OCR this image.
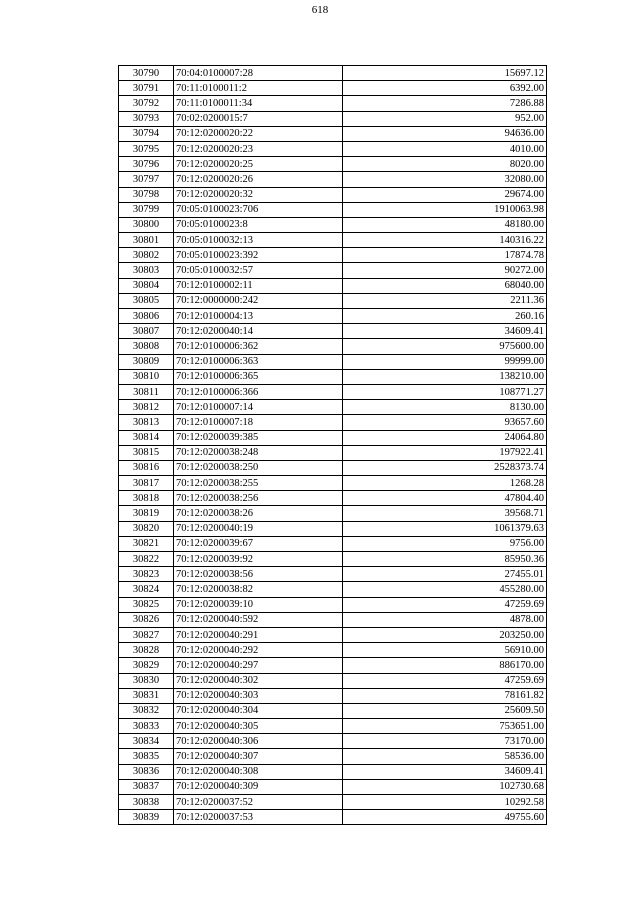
618
30790	70:04:0100007:28	15697.12
30791	70:11:0100011:2	6392.00
30792	70:11:0100011:34	7286.88
30793	70:02:0200015:7	952.00
30794	70:12:0200020:22	94636.00
30795	70:12:0200020:23	4010.00
30796	70:12:0200020:25	8020.00
30797	70:12:0200020:26	32080.00
30798	70:12:0200020:32	29674.00
30799	70:05:0100023:706	1910063.98
30800	70:05:0100023:8	48180.00
30801	70:05:0100032:13	140316.22
30802	70:05:0100023:392	17874.78
30803	70:05:0100032:57	90272.00
30804	70:12:0100002:11	68040.00
30805	70:12:0000000:242	2211.36
30806	70:12:0100004:13	260.16
30807	70:12:0200040:14	34609.41
30808	70:12:0100006:362	975600.00
30809	70:12:0100006:363	99999.00
30810	70:12:0100006:365	138210.00
30811	70:12:0100006:366	108771.27
30812	70:12:0100007:14	8130.00
30813	70:12:0100007:18	93657.60
30814	70:12:0200039:385	24064.80
30815	70:12:0200038:248	197922.41
30816	70:12:0200038:250	2528373.74
30817	70:12:0200038:255	1268.28
30818	70:12:0200038:256	47804.40
30819	70:12:0200038:26	39568.71
30820	70:12:0200040:19	1061379.63
30821	70:12:0200039:67	9756.00
30822	70:12:0200039:92	85950.36
30823	70:12:0200038:56	27455.01
30824	70:12:0200038:82	455280.00
30825	70:12:0200039:10	47259.69
30826	70:12:0200040:592	4878.00
30827	70:12:0200040:291	203250.00
30828	70:12:0200040:292	56910.00
30829	70:12:0200040:297	886170.00
30830	70:12:0200040:302	47259.69
30831	70:12:0200040:303	78161.82
30832	70:12:0200040:304	25609.50
30833	70:12:0200040:305	753651.00
30834	70:12:0200040:306	73170.00
30835	70:12:0200040:307	58536.00
30836	70:12:0200040:308	34609.41
30837	70:12:0200040:309	102730.68
30838	70:12:0200037:52	10292.58
30839	70:12:0200037:53	49755.60
